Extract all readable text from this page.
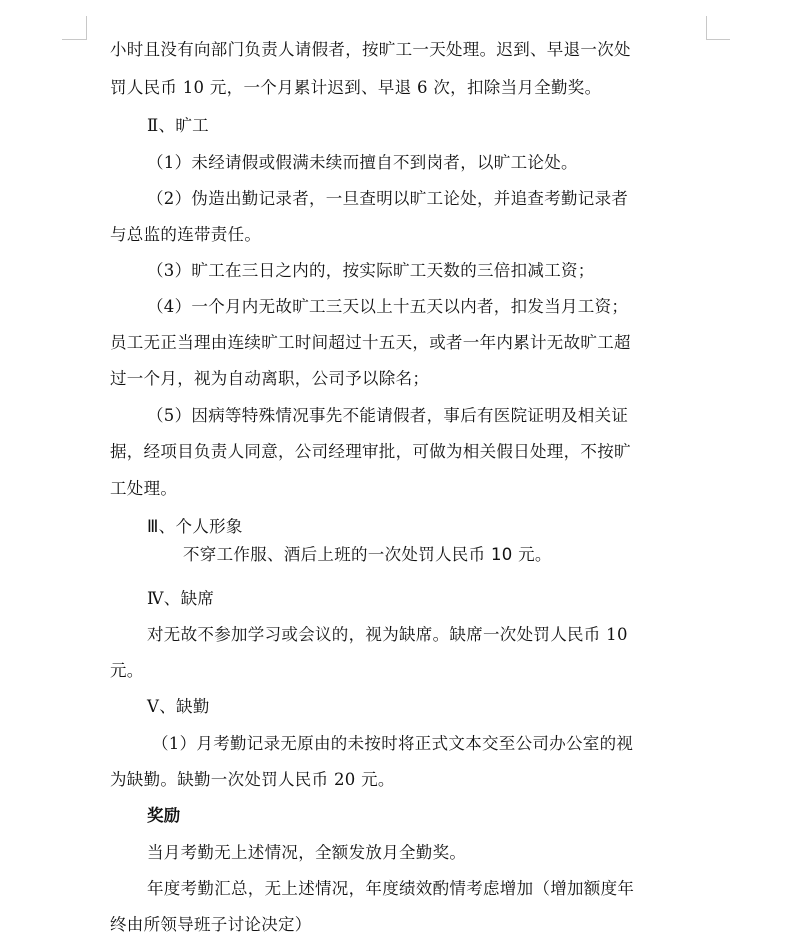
小时且没有向部门负责人请假者，按旷工一天处理。迟到、早退一次处
罚人民币 10 元，一个月累计迟到、早退 6 次，扣除当月全勤奖。
Ⅱ、旷工
（1）未经请假或假满未续而擅自不到岗者，以旷工论处。
（2）伪造出勤记录者，一旦查明以旷工论处，并追查考勤记录者
与总监的连带责任。
（3）旷工在三日之内的，按实际旷工天数的三倍扣减工资；
（4）一个月内无故旷工三天以上十五天以内者，扣发当月工资；
员工无正当理由连续旷工时间超过十五天，或者一年内累计无故旷工超
过一个月，视为自动离职，公司予以除名；
（5）因病等特殊情况事先不能请假者，事后有医院证明及相关证
据，经项目负责人同意，公司经理审批，可做为相关假日处理，不按旷
工处理。
Ⅲ、个人形象
不穿工作服、酒后上班的一次处罚人民币 10 元。
Ⅳ、缺席
对无故不参加学习或会议的，视为缺席。缺席一次处罚人民币 10
元。
Ⅴ、缺勤
（1）月考勤记录无原由的未按时将正式文本交至公司办公室的视
为缺勤。缺勤一次处罚人民币 20 元。
奖励
当月考勤无上述情况，全额发放月全勤奖。
年度考勤汇总，无上述情况，年度绩效酌情考虑增加（增加额度年
终由所领导班子讨论决定）
